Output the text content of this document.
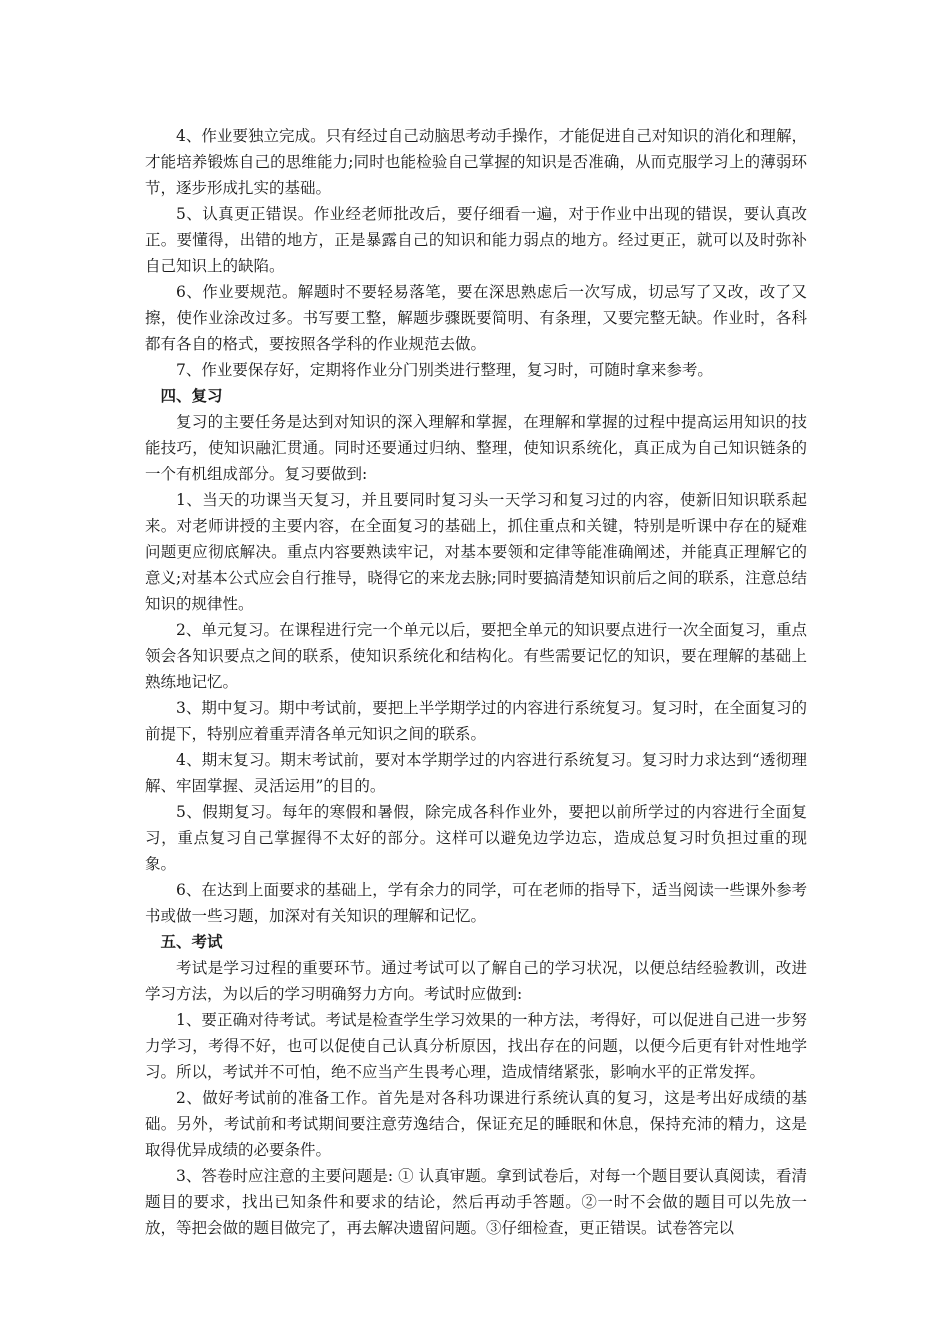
4、作业要独立完成。只有经过自己动脑思考动手操作，才能促进自己对知识的消化和理解，才能培养锻炼自己的思维能力;同时也能检验自己掌握的知识是否准确，从而克服学习上的薄弱环节，逐步形成扎实的基础。

5、认真更正错误。作业经老师批改后，要仔细看一遍，对于作业中出现的错误，要认真改正。要懂得，出错的地方，正是暴露自己的知识和能力弱点的地方。经过更正，就可以及时弥补自己知识上的缺陷。

6、作业要规范。解题时不要轻易落笔，要在深思熟虑后一次写成，切忌写了又改，改了又擦，使作业涂改过多。书写要工整，解题步骤既要简明、有条理，又要完整无缺。作业时，各科都有各自的格式，要按照各学科的作业规范去做。

7、作业要保存好，定期将作业分门别类进行整理，复习时，可随时拿来参考。

四、复习

复习的主要任务是达到对知识的深入理解和掌握，在理解和掌握的过程中提高运用知识的技能技巧，使知识融汇贯通。同时还要通过归纳、整理，使知识系统化，真正成为自己知识链条的一个有机组成部分。复习要做到:

1、当天的功课当天复习，并且要同时复习头一天学习和复习过的内容，使新旧知识联系起来。对老师讲授的主要内容，在全面复习的基础上，抓住重点和关键，特别是听课中存在的疑难问题更应彻底解决。重点内容要熟读牢记，对基本要领和定律等能准确阐述，并能真正理解它的意义;对基本公式应会自行推导，晓得它的来龙去脉;同时要搞清楚知识前后之间的联系，注意总结知识的规律性。

2、单元复习。在课程进行完一个单元以后，要把全单元的知识要点进行一次全面复习，重点领会各知识要点之间的联系，使知识系统化和结构化。有些需要记忆的知识，要在理解的基础上熟练地记忆。

3、期中复习。期中考试前，要把上半学期学过的内容进行系统复习。复习时，在全面复习的前提下，特别应着重弄清各单元知识之间的联系。

4、期末复习。期末考试前，要对本学期学过的内容进行系统复习。复习时力求达到“透彻理解、牢固掌握、灵活运用”的目的。

5、假期复习。每年的寒假和暑假，除完成各科作业外，要把以前所学过的内容进行全面复习，重点复习自己掌握得不太好的部分。这样可以避免边学边忘，造成总复习时负担过重的现象。

6、在达到上面要求的基础上，学有余力的同学，可在老师的指导下，适当阅读一些课外参考书或做一些习题，加深对有关知识的理解和记忆。

五、考试

考试是学习过程的重要环节。通过考试可以了解自己的学习状况，以便总结经验教训，改进学习方法，为以后的学习明确努力方向。考试时应做到:

1、要正确对待考试。考试是检查学生学习效果的一种方法，考得好，可以促进自己进一步努力学习，考得不好，也可以促使自己认真分析原因，找出存在的问题，以便今后更有针对性地学习。所以，考试并不可怕，绝不应当产生畏考心理，造成情绪紧张，影响水平的正常发挥。

2、做好考试前的准备工作。首先是对各科功课进行系统认真的复习，这是考出好成绩的基础。另外，考试前和考试期间要注意劳逸结合，保证充足的睡眠和休息，保持充沛的精力，这是取得优异成绩的必要条件。

3、答卷时应注意的主要问题是: ① 认真审题。拿到试卷后，对每一个题目要认真阅读，看清题目的要求，找出已知条件和要求的结论，然后再动手答题。②一时不会做的题目可以先放一放，等把会做的题目做完了，再去解决遗留问题。③仔细检查，更正错误。试卷答完以
